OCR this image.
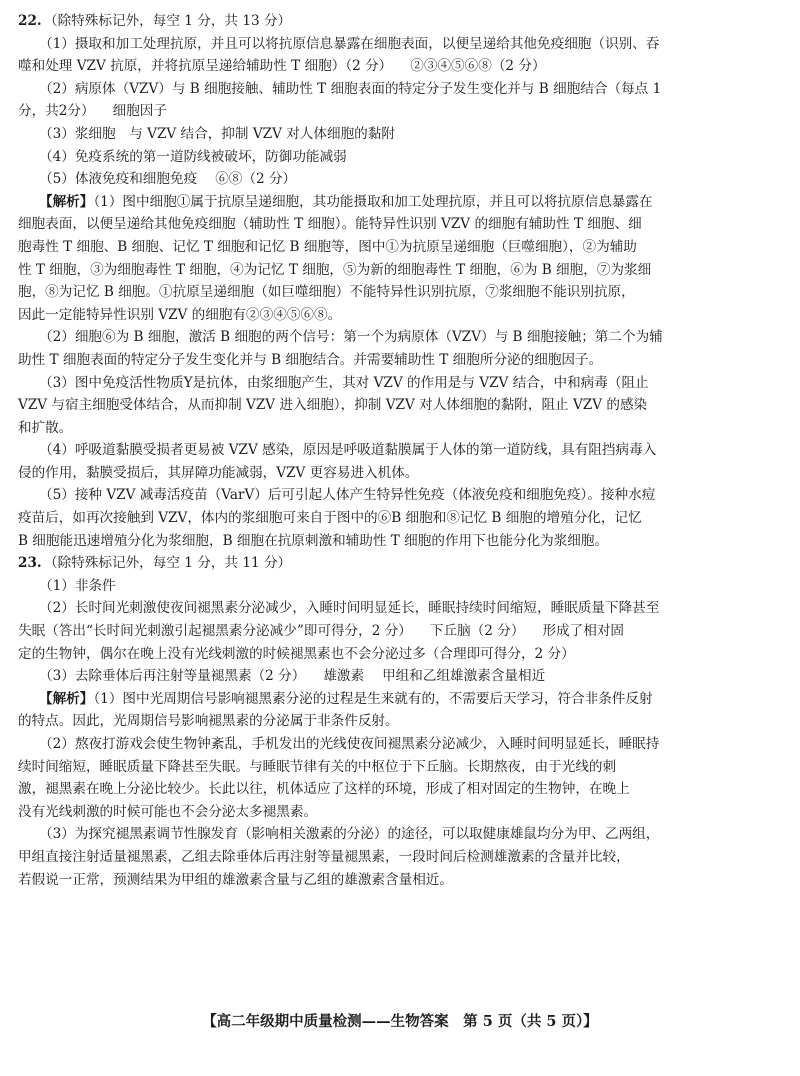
22. （除特殊标记外，每空 1 分，共 13 分）

（1）摄取和加工处理抗原，并且可以将抗原信息暴露在细胞表面，以便呈递给其他免疫细胞（识别、吞

噬和处理 VZV 抗原，并将抗原呈递给辅助性 T 细胞）（2 分） ②③④⑤⑥⑧（2 分）

（2）病原体（VZV）与 B 细胞接触、辅助性 T 细胞表面的特定分子发生变化并与 B 细胞结合（每点 1

分，共2分） 细胞因子

（3）浆细胞　与 VZV 结合，抑制 VZV 对人体细胞的黏附

（4）免疫系统的第一道防线被破坏，防御功能减弱

（5）体液免疫和细胞免疫 ⑥⑧（2 分）

【解析】（1）图中细胞①属于抗原呈递细胞，其功能摄取和加工处理抗原，并且可以将抗原信息暴露在

细胞表面，以便呈递给其他免疫细胞（辅助性 T 细胞）。能特异性识别 VZV 的细胞有辅助性 T 细胞、细

胞毒性 T 细胞、B 细胞、记忆 T 细胞和记忆 B 细胞等，图中①为抗原呈递细胞（巨噬细胞），②为辅助

性 T 细胞，③为细胞毒性 T 细胞，④为记忆 T 细胞，⑤为新的细胞毒性 T 细胞，⑥为 B 细胞，⑦为浆细

胞，⑧为记忆 B 细胞。①抗原呈递细胞（如巨噬细胞）不能特异性识别抗原，⑦浆细胞不能识别抗原，

因此一定能特异性识别 VZV 的细胞有②③④⑤⑥⑧。

（2）细胞⑥为 B 细胞，激活 B 细胞的两个信号：第一个为病原体（VZV）与 B 细胞接触；第二个为辅

助性 T 细胞表面的特定分子发生变化并与 B 细胞结合。并需要辅助性 T 细胞所分泌的细胞因子。

（3）图中免疫活性物质Y是抗体，由浆细胞产生，其对 VZV 的作用是与 VZV 结合，中和病毒（阻止

VZV 与宿主细胞受体结合，从而抑制 VZV 进入细胞），抑制 VZV 对人体细胞的黏附，阻止 VZV 的感染

和扩散。

（4）呼吸道黏膜受损者更易被 VZV 感染，原因是呼吸道黏膜属于人体的第一道防线，具有阻挡病毒入

侵的作用，黏膜受损后，其屏障功能减弱，VZV 更容易进入机体。

（5）接种 VZV 减毒活疫苗（VarV）后可引起人体产生特异性免疫（体液免疫和细胞免疫）。接种水痘

疫苗后，如再次接触到 VZV，体内的浆细胞可来自于图中的⑥B 细胞和⑧记忆 B 细胞的增殖分化，记忆

B 细胞能迅速增殖分化为浆细胞，B 细胞在抗原刺激和辅助性 T 细胞的作用下也能分化为浆细胞。

23. （除特殊标记外，每空 1 分，共 11 分）

（1）非条件

（2）长时间光刺激使夜间褪黑素分泌减少，入睡时间明显延长，睡眠持续时间缩短，睡眠质量下降甚至

失眠（答出“长时间光刺激引起褪黑素分泌减少”即可得分，2 分） 下丘脑（2 分） 形成了相对固

定的生物钟，偶尔在晚上没有光线刺激的时候褪黑素也不会分泌过多（合理即可得分，2 分）

（3）去除垂体后再注射等量褪黑素（2 分） 雄激素 甲组和乙组雄激素含量相近

【解析】（1）图中光周期信号影响褪黑素分泌的过程是生来就有的，不需要后天学习，符合非条件反射

的特点。因此，光周期信号影响褪黑素的分泌属于非条件反射。

（2）熬夜打游戏会使生物钟紊乱，手机发出的光线使夜间褪黑素分泌减少，入睡时间明显延长，睡眠持

续时间缩短，睡眠质量下降甚至失眠。与睡眠节律有关的中枢位于下丘脑。长期熬夜，由于光线的刺

激，褪黑素在晚上分泌比较少。长此以往，机体适应了这样的环境，形成了相对固定的生物钟，在晚上

没有光线刺激的时候可能也不会分泌太多褪黑素。

（3）为探究褪黑素调节性腺发育（影响相关激素的分泌）的途径，可以取健康雄鼠均分为甲、乙两组，

甲组直接注射适量褪黑素，乙组去除垂体后再注射等量褪黑素，一段时间后检测雄激素的含量并比较，

若假说一正常，预测结果为甲组的雄激素含量与乙组的雄激素含量相近。

【高二年级期中质量检测——生物答案　第 5 页（共 5 页）】
